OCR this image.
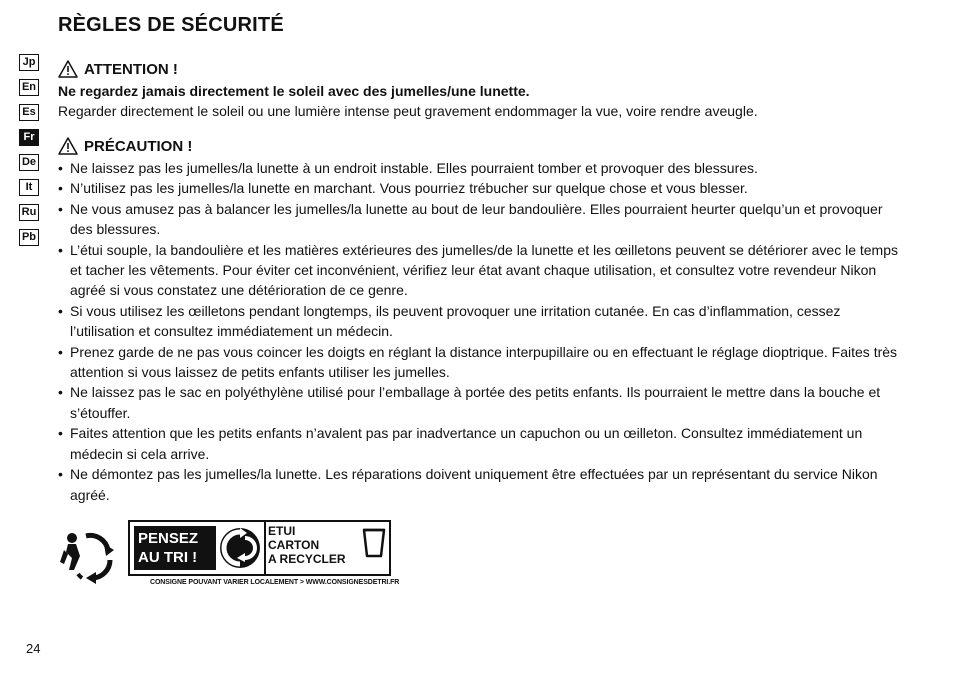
RÈGLES DE SÉCURITÉ
Jp
En
Es
Fr
De
It
Ru
Pb
ATTENTION !
Ne regardez jamais directement le soleil avec des jumelles/une lunette.
Regarder directement le soleil ou une lumière intense peut gravement endommager la vue, voire rendre aveugle.
PRÉCAUTION !
• Ne laissez pas les jumelles/la lunette à un endroit instable. Elles pourraient tomber et provoquer des blessures.
• N’utilisez pas les jumelles/la lunette en marchant. Vous pourriez trébucher sur quelque chose et vous blesser.
• Ne vous amusez pas à balancer les jumelles/la lunette au bout de leur bandoulière. Elles pourraient heurter quelqu’un et provoquer des blessures.
• L’étui souple, la bandoulière et les matières extérieures des jumelles/de la lunette et les œilletons peuvent se détériorer avec le temps et tacher les vêtements. Pour éviter cet inconvénient, vérifiez leur état avant chaque utilisation, et consultez votre revendeur Nikon agréé si vous constatez une détérioration de ce genre.
• Si vous utilisez les œilletons pendant longtemps, ils peuvent provoquer une irritation cutanée. En cas d’inflammation, cessez l’utilisation et consultez immédiatement un médecin.
• Prenez garde de ne pas vous coincer les doigts en réglant la distance interpupillaire ou en effectuant le réglage dioptrique. Faites très attention si vous laissez de petits enfants utiliser les jumelles.
• Ne laissez pas le sac en polyéthylène utilisé pour l’emballage à portée des petits enfants. Ils pourraient le mettre dans la bouche et s’étouffer.
• Faites attention que les petits enfants n’avalent pas par inadvertance un capuchon ou un œilleton. Consultez immédiatement un médecin si cela arrive.
• Ne démontez pas les jumelles/la lunette. Les réparations doivent uniquement être effectuées par un représentant du service Nikon agréé.
PENSEZ
AU TRI !
ETUI
CARTON
A RECYCLER
CONSIGNE POUVANT VARIER LOCALEMENT > WWW.CONSIGNESDETRI.FR
24
